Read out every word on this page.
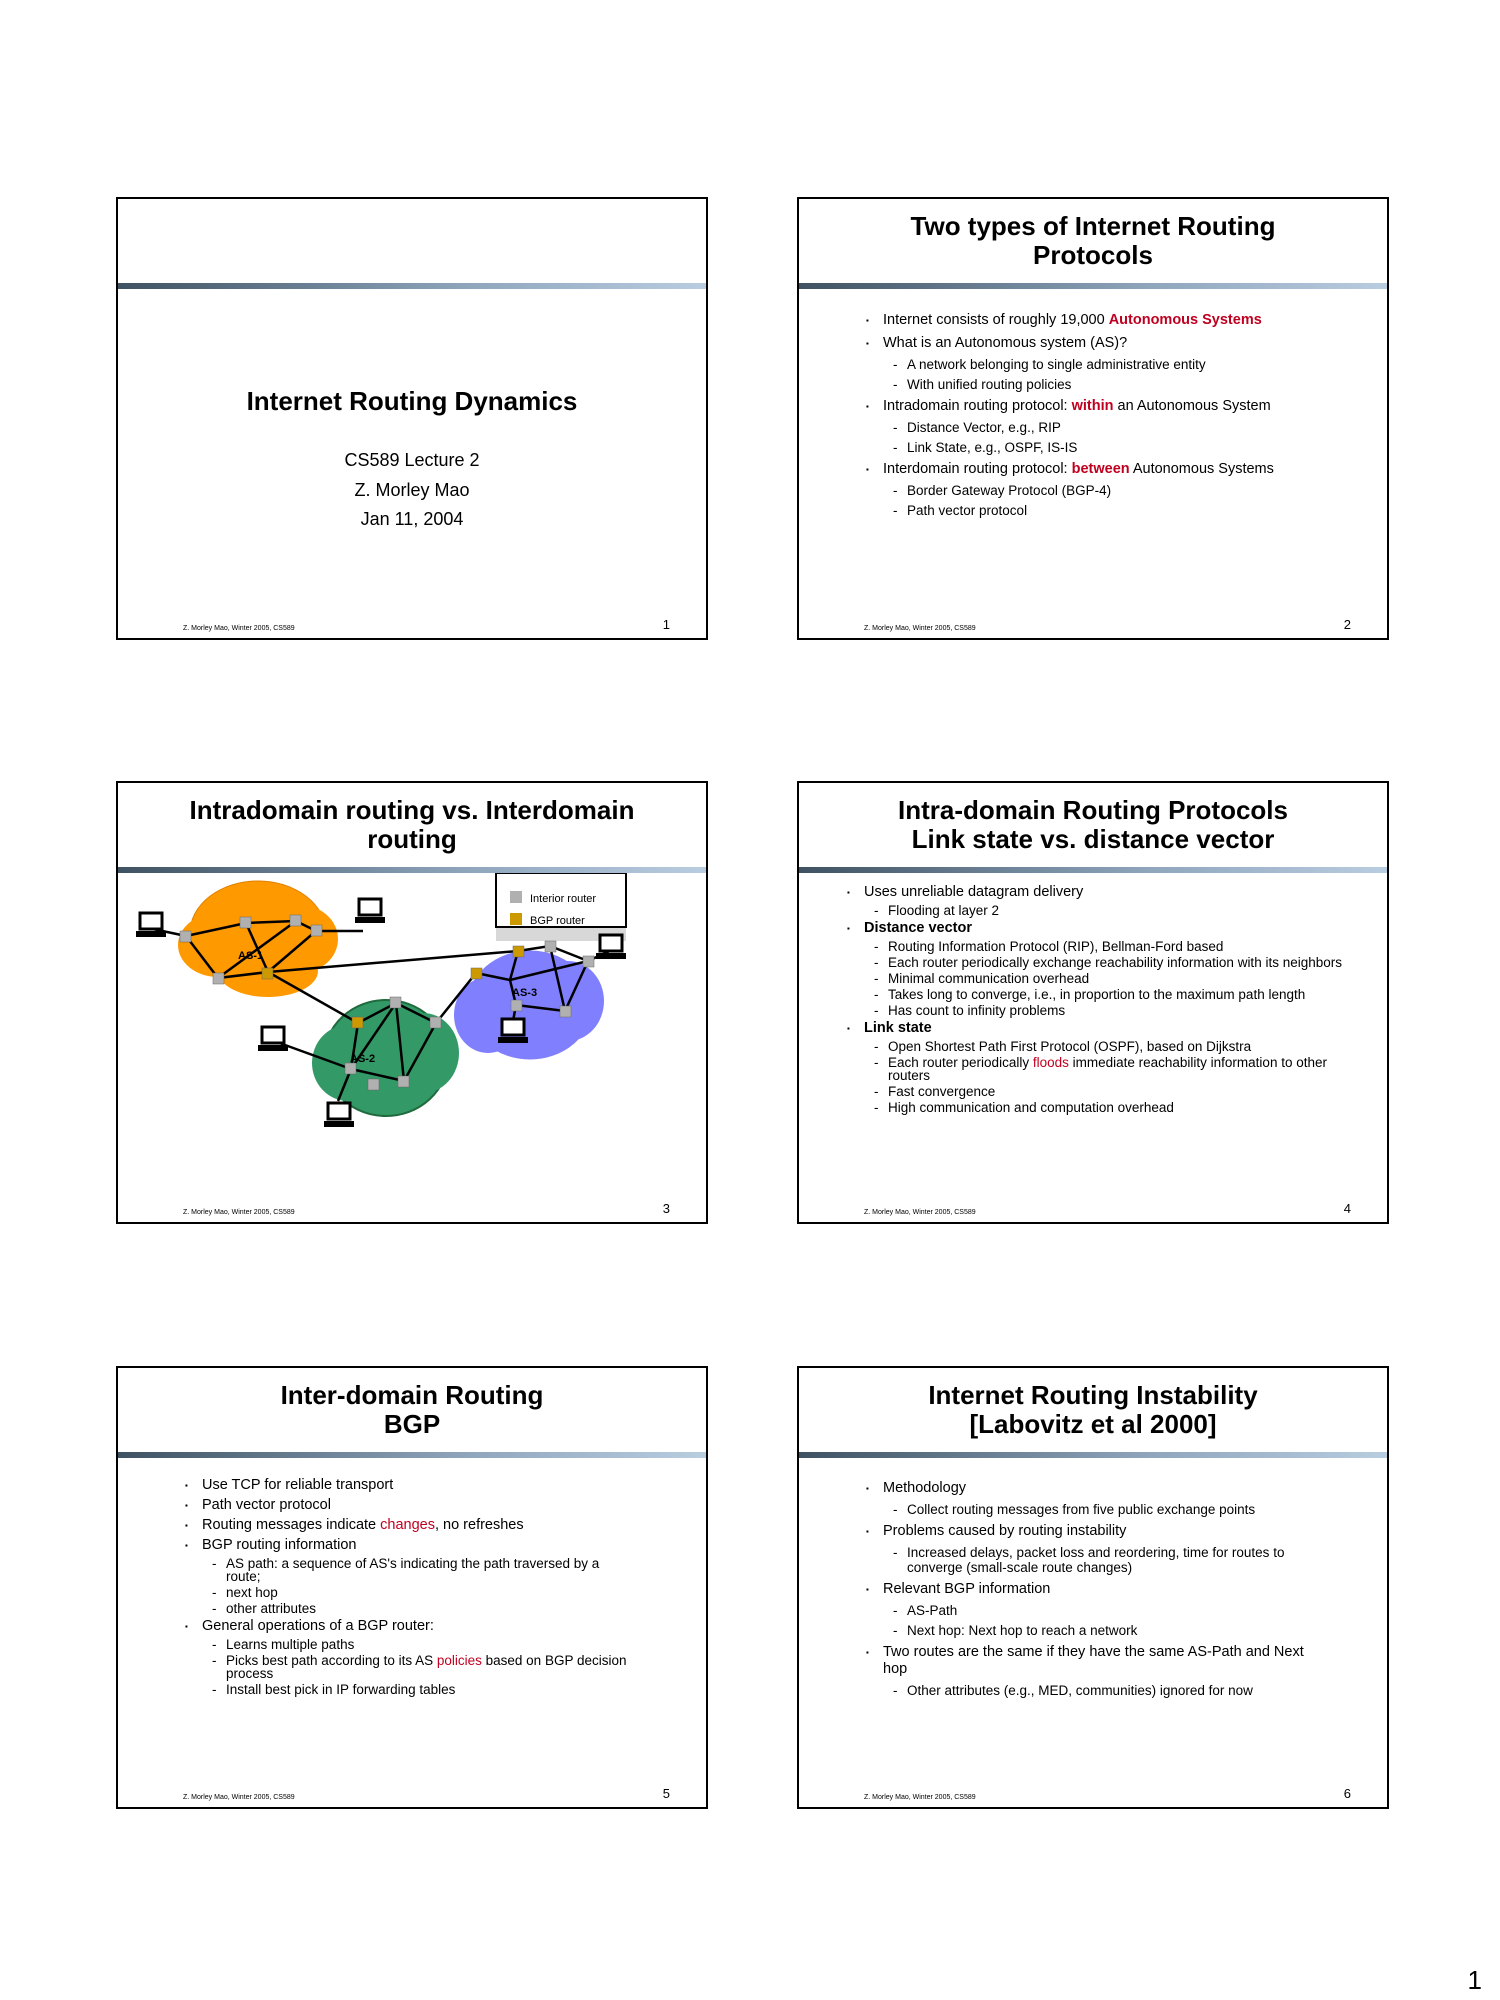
Internet Routing Dynamics
CS589 Lecture 2
Z. Morley Mao
Jan 11, 2004
Z. Morley Mao, Winter 2005, CS589	1
Two types of Internet Routing
Protocols
▪ Internet consists of roughly 19,000 Autonomous Systems
▪ What is an Autonomous system (AS)?
- A network belonging to single administrative entity
- With unified routing policies
▪ Intradomain routing protocol: within an Autonomous System
- Distance Vector, e.g., RIP
- Link State, e.g., OSPF, IS-IS
▪ Interdomain routing protocol: between Autonomous Systems
- Border Gateway Protocol (BGP-4)
- Path vector protocol
Z. Morley Mao, Winter 2005, CS589	2
Intradomain routing vs. Interdomain
routing
Interior router
BGP router
AS-1
AS-2
AS-3
Z. Morley Mao, Winter 2005, CS589	3
Intra-domain Routing Protocols
Link state vs. distance vector
▪ Uses unreliable datagram delivery
- Flooding at layer 2
▪ Distance vector
- Routing Information Protocol (RIP), Bellman-Ford based
- Each router periodically exchange reachability information with its neighbors
- Minimal communication overhead
- Takes long to converge, i.e., in proportion to the maximum path length
- Has count to infinity problems
▪ Link state
- Open Shortest Path First Protocol (OSPF), based on Dijkstra
- Each router periodically floods immediate reachability information to other routers
- Fast convergence
- High communication and computation overhead
Z. Morley Mao, Winter 2005, CS589	4
Inter-domain Routing
BGP
▪ Use TCP for reliable transport
▪ Path vector protocol
▪ Routing messages indicate changes, no refreshes
▪ BGP routing information
- AS path: a sequence of AS's indicating the path traversed by a route;
- next hop
- other attributes
▪ General operations of a BGP router:
- Learns multiple paths
- Picks best path according to its AS policies based on BGP decision process
- Install best pick in IP forwarding tables
Z. Morley Mao, Winter 2005, CS589	5
Internet Routing Instability
[Labovitz et al 2000]
▪ Methodology
- Collect routing messages from five public exchange points
▪ Problems caused by routing instability
- Increased delays, packet loss and reordering, time for routes to converge (small-scale route changes)
▪ Relevant BGP information
- AS-Path
- Next hop: Next hop to reach a network
▪ Two routes are the same if they have the same AS-Path and Next hop
- Other attributes (e.g., MED, communities) ignored for now
Z. Morley Mao, Winter 2005, CS589	6
1
